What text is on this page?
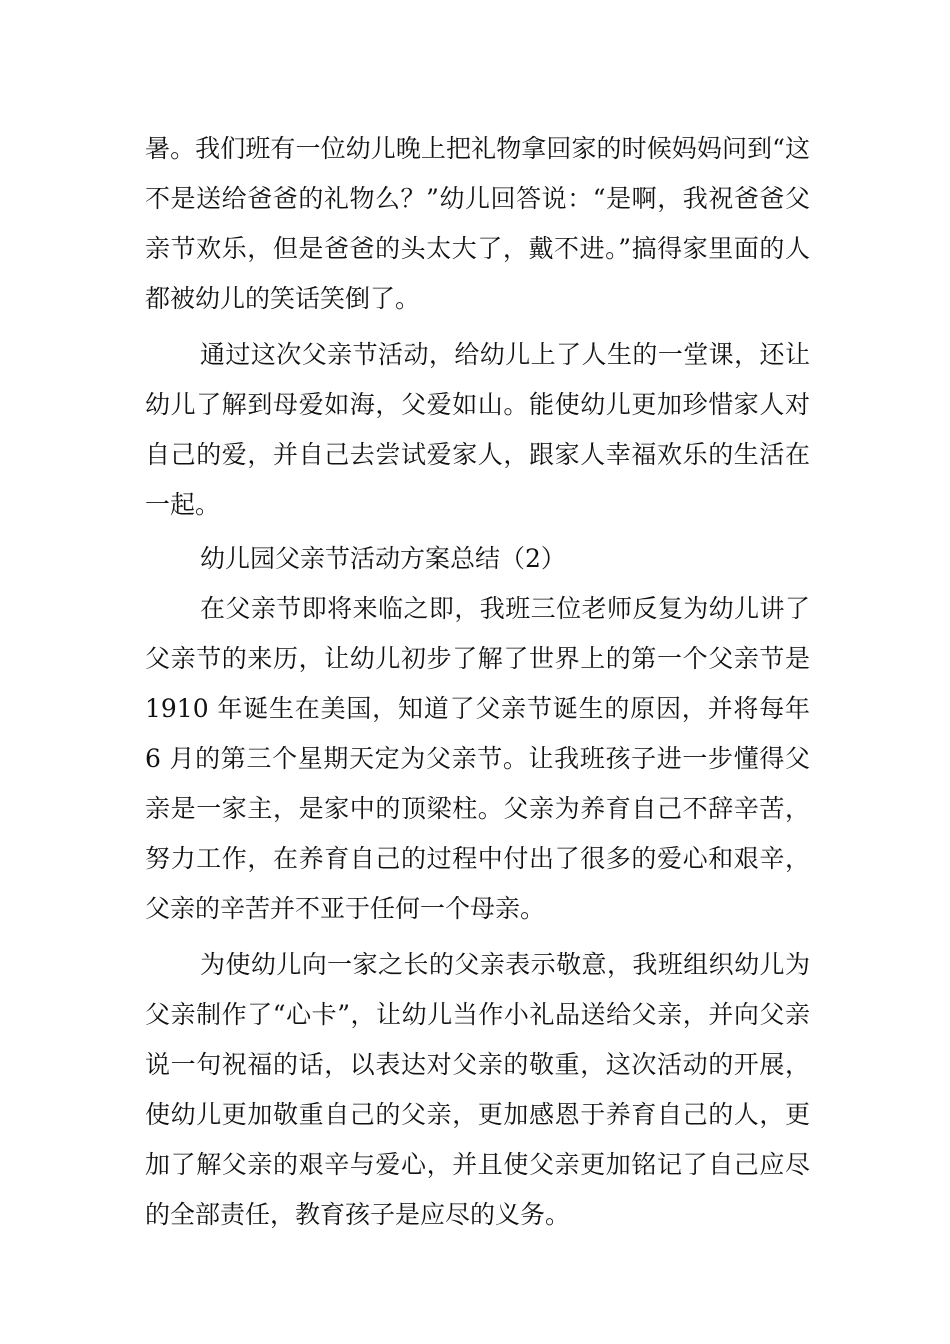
暑。我们班有一位幼儿晚上把礼物拿回家的时候妈妈问到“这不是送给爸爸的礼物么？”幼儿回答说：“是啊，我祝爸爸父亲节欢乐，但是爸爸的头太大了，戴不进。”搞得家里面的人都被幼儿的笑话笑倒了。

通过这次父亲节活动，给幼儿上了人生的一堂课，还让幼儿了解到母爱如海，父爱如山。能使幼儿更加珍惜家人对自己的爱，并自己去尝试爱家人，跟家人幸福欢乐的生活在一起。

幼儿园父亲节活动方案总结（2）

在父亲节即将来临之即，我班三位老师反复为幼儿讲了父亲节的来历，让幼儿初步了解了世界上的第一个父亲节是 1910 年诞生在美国，知道了父亲节诞生的原因，并将每年 6 月的第三个星期天定为父亲节。让我班孩子进一步懂得父亲是一家主，是家中的顶梁柱。父亲为养育自己不辞辛苦，努力工作，在养育自己的过程中付出了很多的爱心和艰辛，父亲的辛苦并不亚于任何一个母亲。

为使幼儿向一家之长的父亲表示敬意，我班组织幼儿为父亲制作了“心卡”，让幼儿当作小礼品送给父亲，并向父亲说一句祝福的话，以表达对父亲的敬重，这次活动的开展，使幼儿更加敬重自己的父亲，更加感恩于养育自己的人，更加了解父亲的艰辛与爱心，并且使父亲更加铭记了自己应尽的全部责任，教育孩子是应尽的义务。
